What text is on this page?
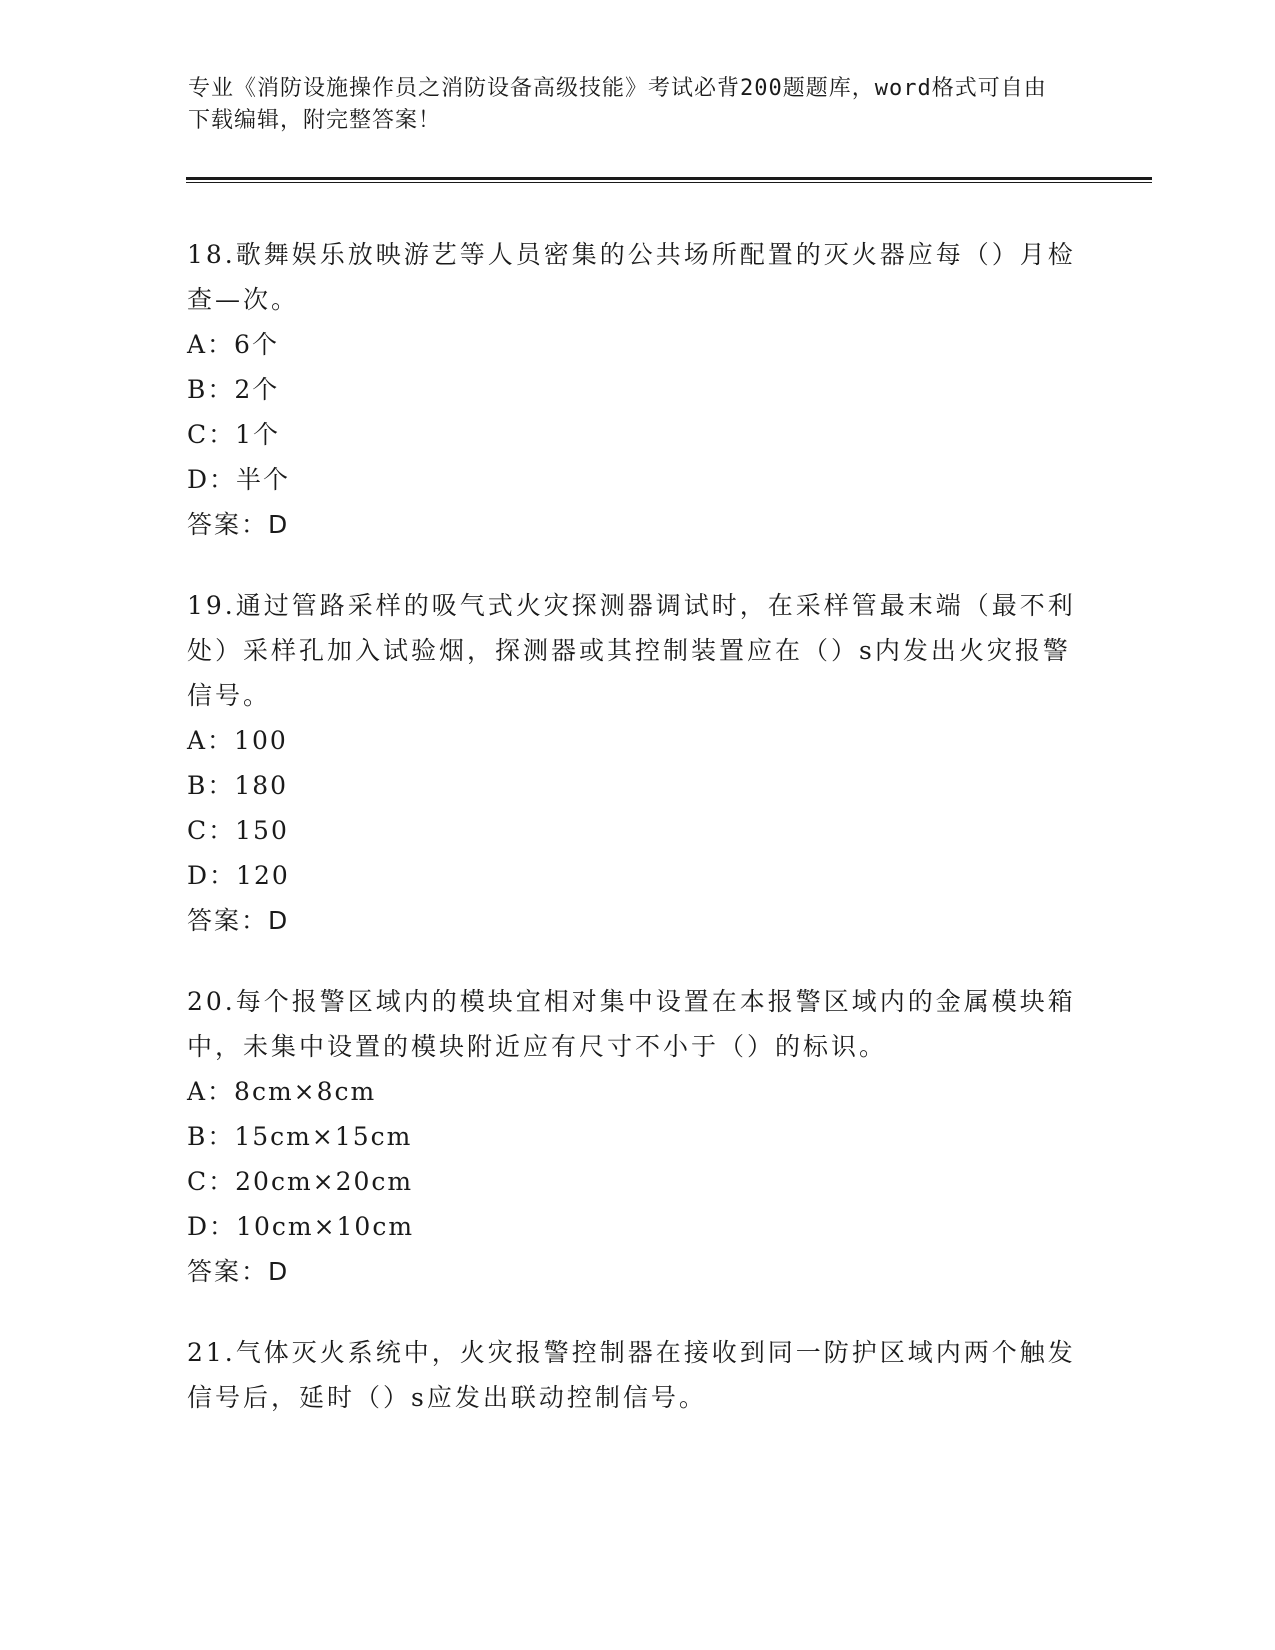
专业《消防设施操作员之消防设备高级技能》考试必背200题题库，word格式可自由下载编辑，附完整答案！

18.歌舞娱乐放映游艺等人员密集的公共场所配置的灭火器应每（）月检查—次。

A：6个

B：2个

C：1个

D：半个

答案：D

19.通过管路采样的吸气式火灾探测器调试时，在采样管最末端（最不利处）采样孔加入试验烟，探测器或其控制装置应在（）s内发出火灾报警信号。

A：100

B：180

C：150

D：120

答案：D

20.每个报警区域内的模块宜相对集中设置在本报警区域内的金属模块箱中，未集中设置的模块附近应有尺寸不小于（）的标识。

A：8cm×8cm

B：15cm×15cm

C：20cm×20cm

D：10cm×10cm

答案：D

21.气体灭火系统中，火灾报警控制器在接收到同一防护区域内两个触发信号后，延时（）s应发出联动控制信号。
